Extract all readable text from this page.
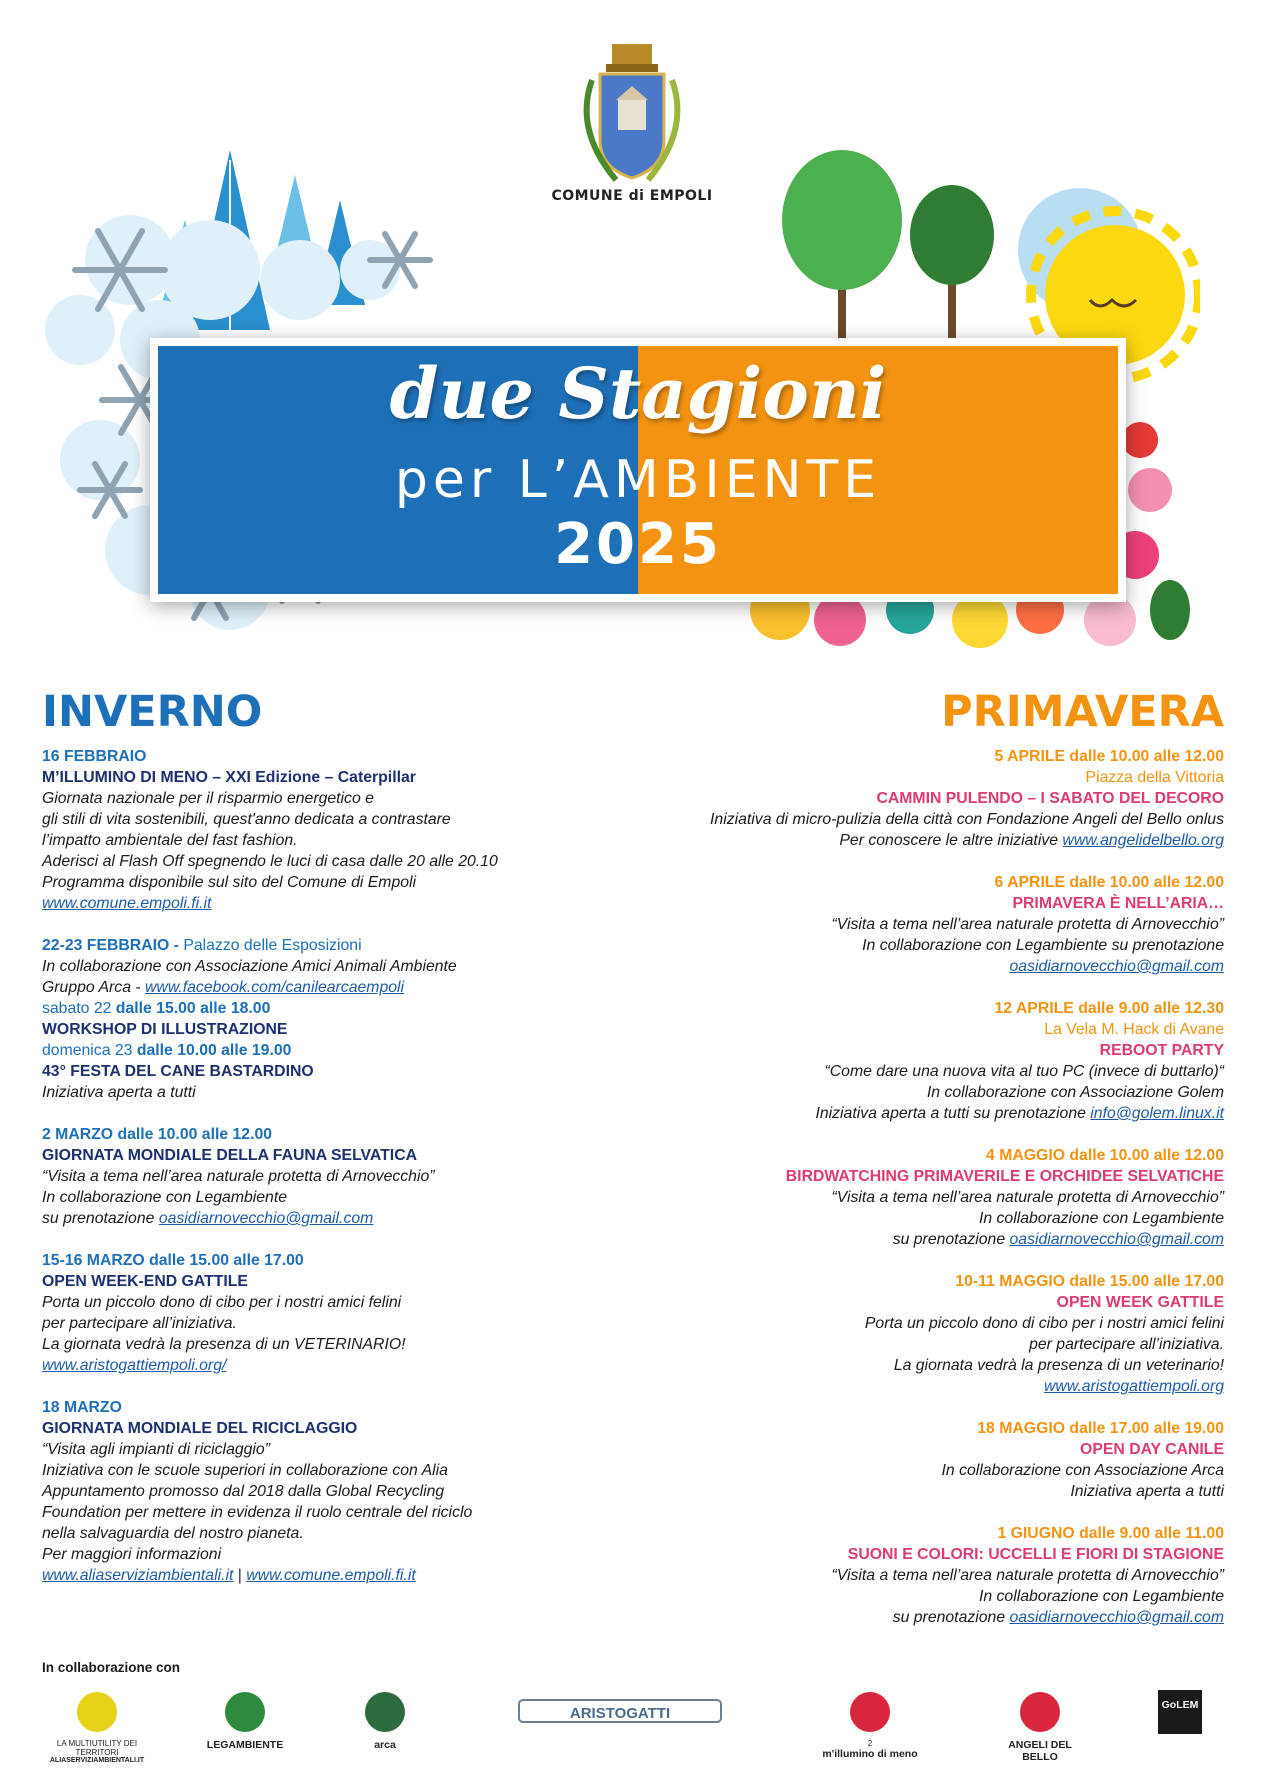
COMUNE di EMPOLI
due Stagioni
per L’AMBIENTE
2025
INVERNO
16 FEBBRAIO
M’ILLUMINO DI MENO – XXI Edizione – Caterpillar
Giornata nazionale per il risparmio energetico e
gli stili di vita sostenibili, quest'anno dedicata a contrastare
l’impatto ambientale del fast fashion.
Aderisci al Flash Off spegnendo le luci di casa dalle 20 alle 20.10
Programma disponibile sul sito del Comune di Empoli
www.comune.empoli.fi.it
22-23 FEBBRAIO - Palazzo delle Esposizioni
In collaborazione con Associazione Amici Animali Ambiente
Gruppo Arca - www.facebook.com/canilearcaempoli
sabato 22 dalle 15.00 alle 18.00
WORKSHOP DI ILLUSTRAZIONE
domenica 23 dalle 10.00 alle 19.00
43° FESTA DEL CANE BASTARDINO
Iniziativa aperta a tutti
2 MARZO dalle 10.00 alle 12.00
GIORNATA MONDIALE DELLA FAUNA SELVATICA
“Visita a tema nell’area naturale protetta di Arnovecchio”
In collaborazione con Legambiente
su prenotazione oasidiarnovecchio@gmail.com
15-16 MARZO dalle 15.00 alle 17.00
OPEN WEEK-END GATTILE
Porta un piccolo dono di cibo per i nostri amici felini
per partecipare all’iniziativa.
La giornata vedrà la presenza di un VETERINARIO!
www.aristogattiempoli.org/
18 MARZO
GIORNATA MONDIALE DEL RICICLAGGIO
“Visita agli impianti di riciclaggio”
Iniziativa con le scuole superiori in collaborazione con Alia
Appuntamento promosso dal 2018 dalla Global Recycling
Foundation per mettere in evidenza il ruolo centrale del riciclo
nella salvaguardia del nostro pianeta.
Per maggiori informazioni
www.aliaserviziambientali.it | www.comune.empoli.fi.it
PRIMAVERA
5 APRILE dalle 10.00 alle 12.00
Piazza della Vittoria
CAMMIN PULENDO – I SABATO DEL DECORO
Iniziativa di micro-pulizia della città con Fondazione Angeli del Bello onlus
Per conoscere le altre iniziative www.angelidelbello.org
6 APRILE dalle 10.00 alle 12.00
PRIMAVERA È NELL’ARIA…
“Visita a tema nell’area naturale protetta di Arnovecchio”
In collaborazione con Legambiente su prenotazione
oasidiarnovecchio@gmail.com
12 APRILE dalle 9.00 alle 12.30
La Vela M. Hack di Avane
REBOOT PARTY
“Come dare una nuova vita al tuo PC (invece di buttarlo)“
In collaborazione con Associazione Golem
Iniziativa aperta a tutti su prenotazione info@golem.linux.it
4 MAGGIO dalle 10.00 alle 12.00
BIRDWATCHING PRIMAVERILE E ORCHIDEE SELVATICHE
“Visita a tema nell’area naturale protetta di Arnovecchio”
In collaborazione con Legambiente
su prenotazione oasidiarnovecchio@gmail.com
10-11 MAGGIO dalle 15.00 alle 17.00
OPEN WEEK GATTILE
Porta un piccolo dono di cibo per i nostri amici felini
per partecipare all’iniziativa.
La giornata vedrà la presenza di un veterinario!
www.aristogattiempoli.org
18 MAGGIO dalle 17.00 alle 19.00
OPEN DAY CANILE
In collaborazione con Associazione Arca
Iniziativa aperta a tutti
1 GIUGNO dalle 9.00 alle 11.00
SUONI E COLORI: UCCELLI E FIORI DI STAGIONE
“Visita a tema nell’area naturale protetta di Arnovecchio”
In collaborazione con Legambiente
su prenotazione oasidiarnovecchio@gmail.com
In collaborazione con
LA MULTIUTILITY DEI TERRITORI
ALIASERVIZIAMBIENTALI.IT
LEGAMBIENTE	arca
ARISTOGATTI
2
m'illumino di meno
ANGELI DEL BELLO
GoLEM
